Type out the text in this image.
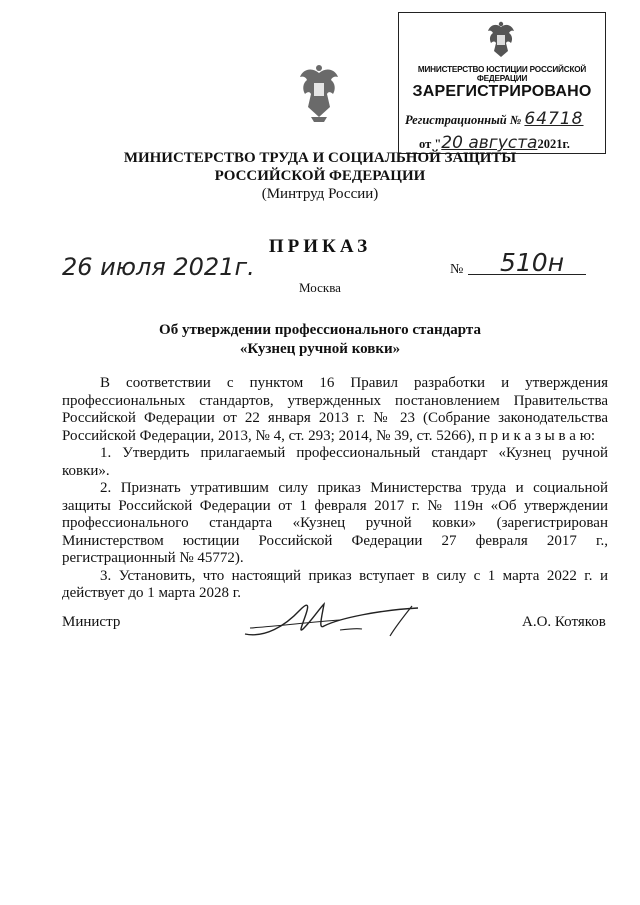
МИНИСТЕРСТВО ЮСТИЦИИ РОССИЙСКОЙ ФЕДЕРАЦИИ
ЗАРЕГИСТРИРОВАНО
Регистрационный № 64718
от "20 августа2021г.
МИНИСТЕРСТВО ТРУДА И СОЦИАЛЬНОЙ ЗАЩИТЫ
РОССИЙСКОЙ ФЕДЕРАЦИИ
(Минтруд России)
ПРИКАЗ
26 июля 2021г.	№ 510н
Москва
Об утверждении профессионального стандарта
«Кузнец ручной ковки»

В соответствии с пунктом 16 Правил разработки и утверждения профессиональных стандартов, утвержденных постановлением Правительства Российской Федерации от 22 января 2013 г. № 23 (Собрание законодательства Российской Федерации, 2013, № 4, ст. 293; 2014, № 39, ст. 5266), п р и к а з ы в а ю:

1. Утвердить прилагаемый профессиональный стандарт «Кузнец ручной ковки».

2. Признать утратившим силу приказ Министерства труда и социальной защиты Российской Федерации от 1 февраля 2017 г. № 119н «Об утверждении профессионального стандарта «Кузнец ручной ковки» (зарегистрирован Министерством юстиции Российской Федерации 27 февраля 2017 г., регистрационный № 45772).

3. Установить, что настоящий приказ вступает в силу с 1 марта 2022 г. и действует до 1 марта 2028 г.

Министр	А.О. Котяков
